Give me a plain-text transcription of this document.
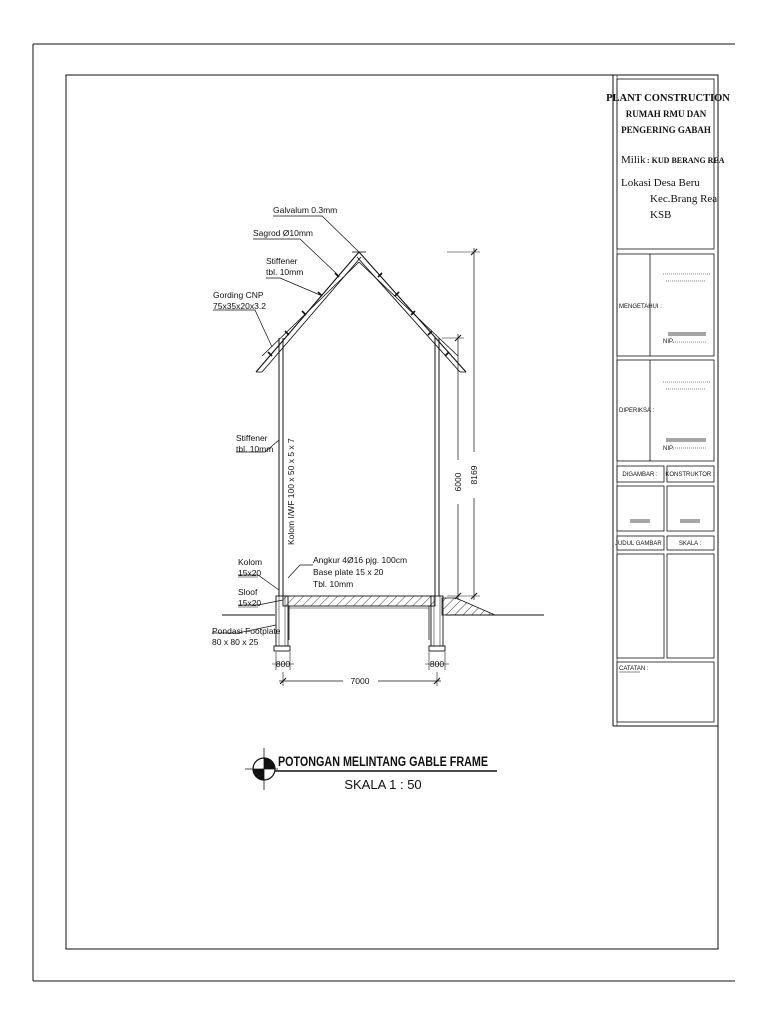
PLANT CONSTRUCTION
RUMAH RMU DAN
PENGERING GABAH
Milik : KUD BERANG REA
Lokasi
: Desa Beru
Kec.Brang Rea
KSB
MENGETAHUI :
NIP.
DIPERIKSA :
NIP.
DIGAMBAR : KONSTRUKTOR :
JUDUL GAMBAR : SKALA :
CATATAN :
Galvalum 0.3mm
Sagrod Ø10mm
Stiffener
tbl. 10mm
Gording CNP
75x35x20x3.2
Kolom I/WF 100 x 50 x 5 x 7
Stiffener
tbl. 10mm
Kolom
15x20
Sloof
15x20
Angkur 4Ø16 pjg. 100cm
Base plate 15 x 20
Tbl. 10mm
Pondasi Footplate
80 x 80 x 25
8169
6000
800	800
7000
POTONGAN MELINTANG GABLE FRAME
SKALA 1 : 50
